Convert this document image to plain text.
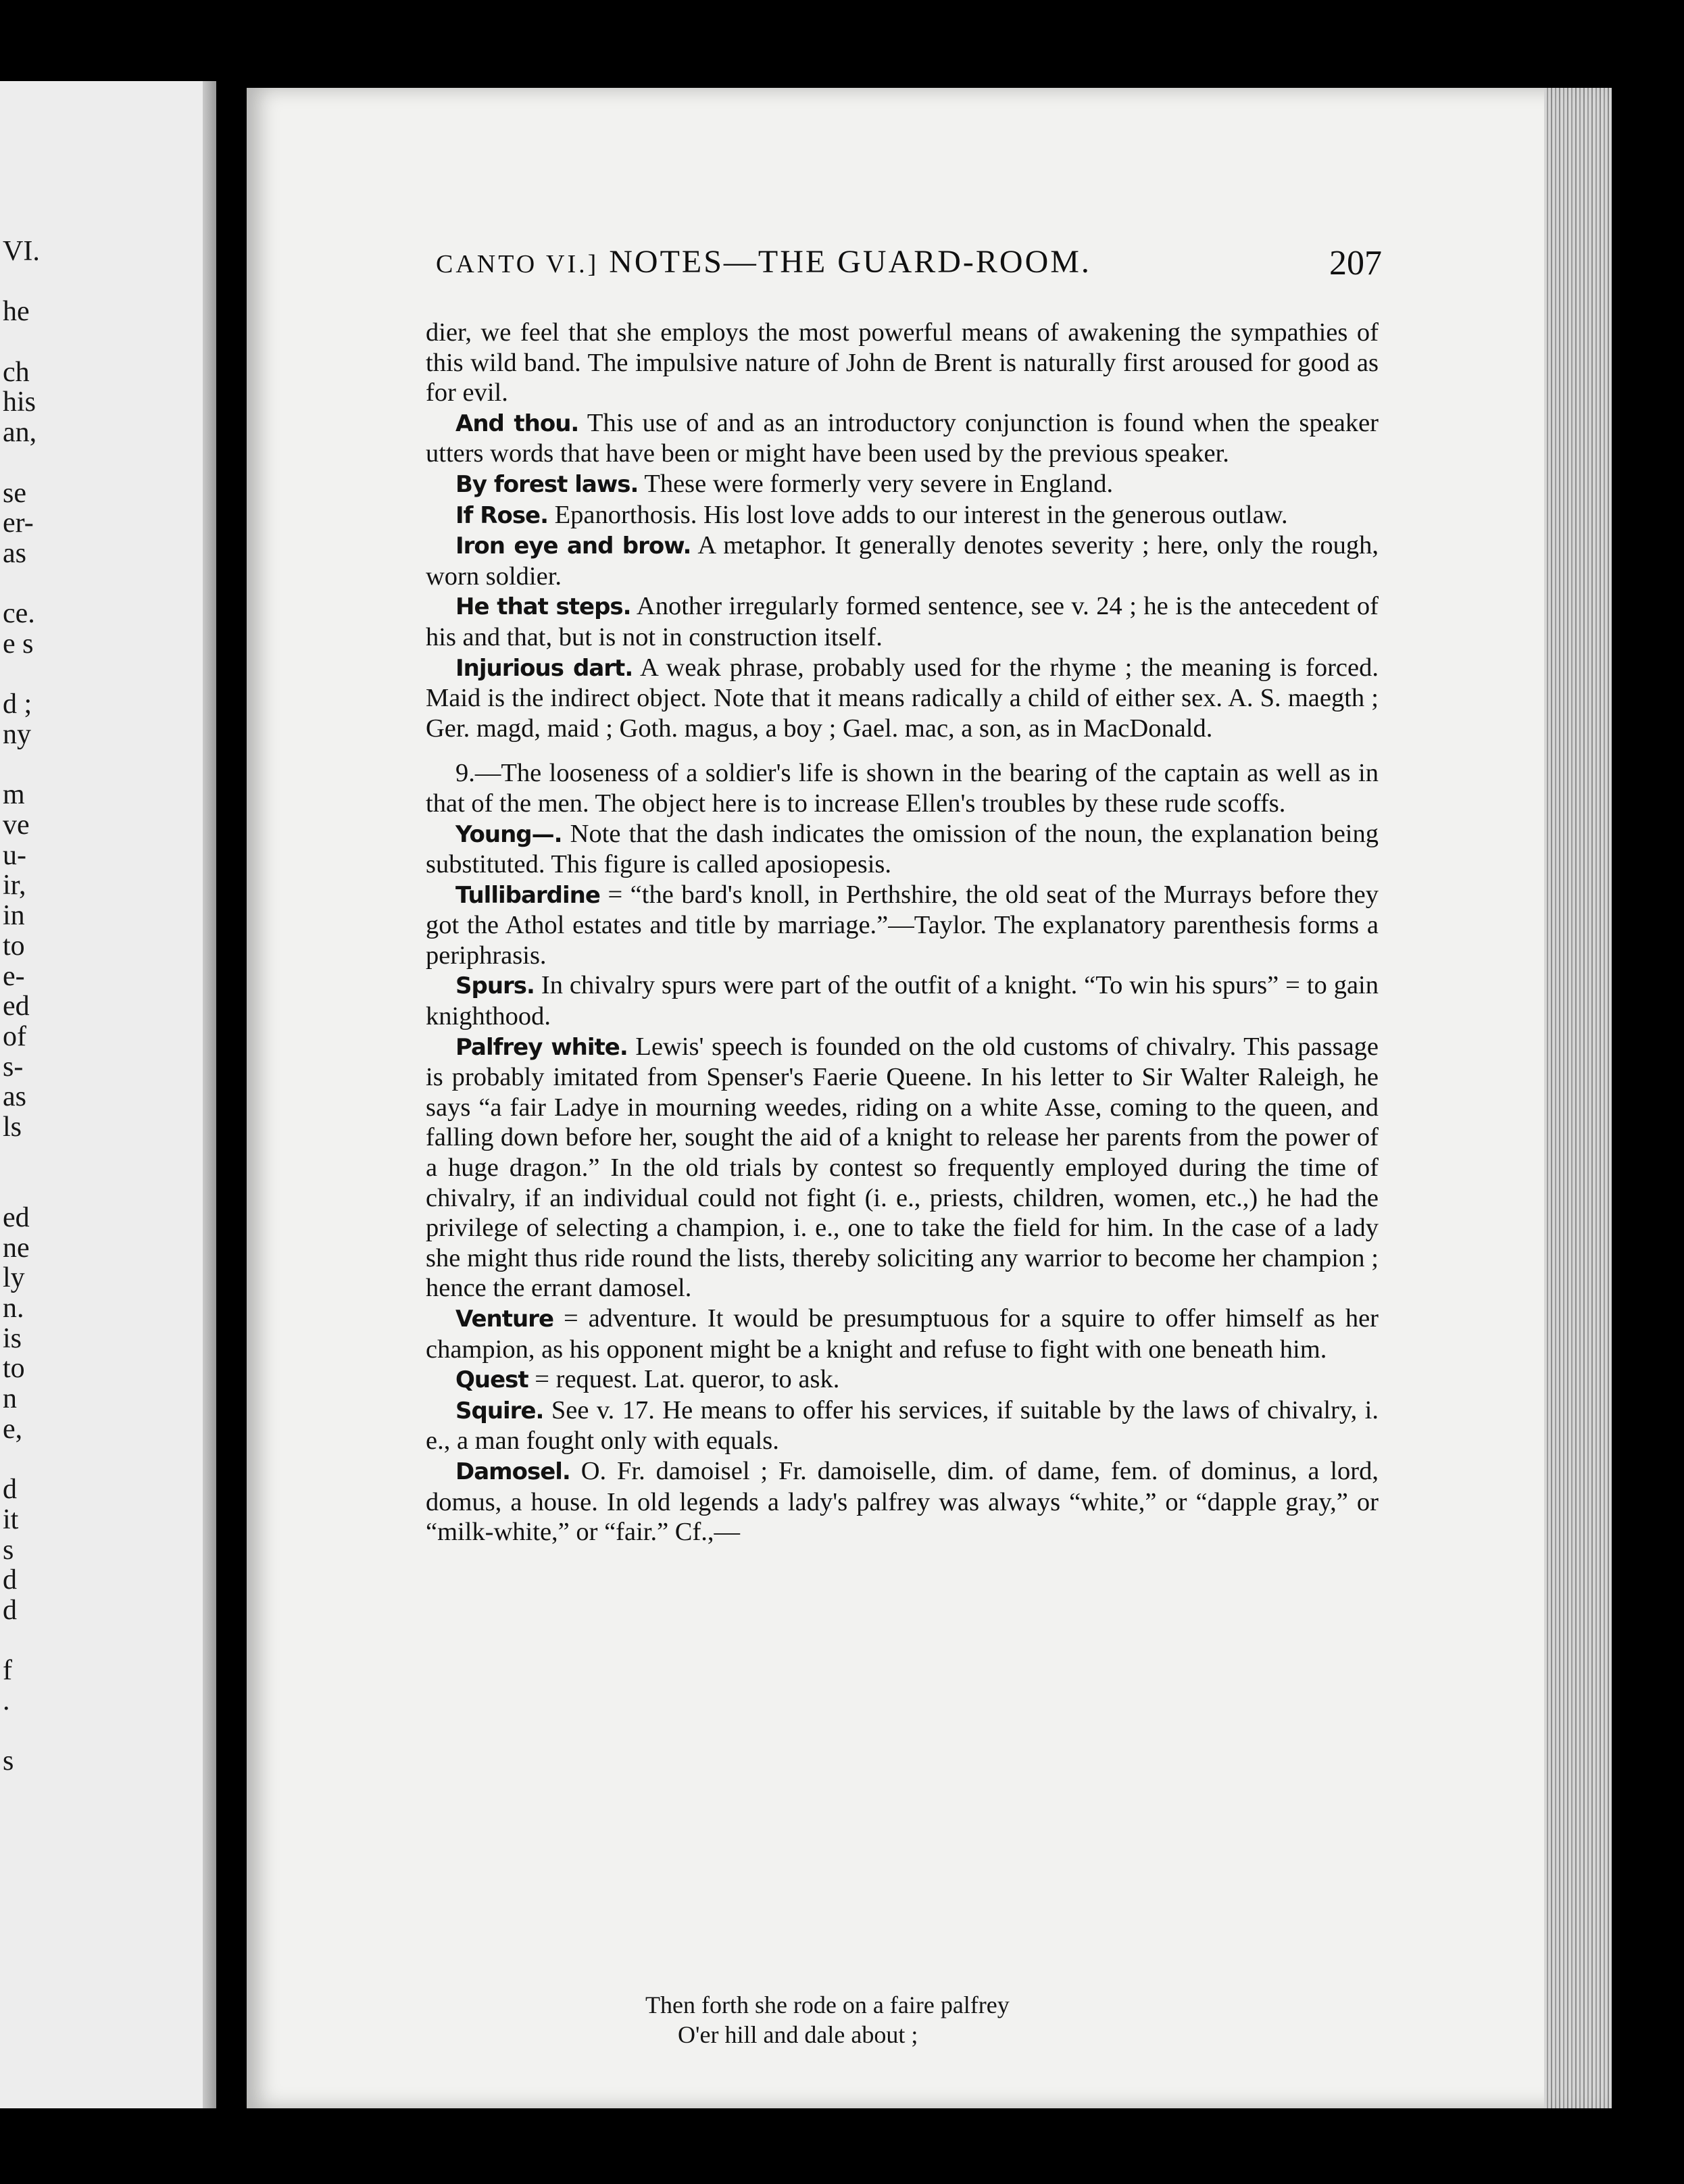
VI.
he
ch
his
an,
se
er-
as
ce.
e s
d ;
ny
m
ve
u-
ir,
in
to
e-
ed
of
s-
as
ls
ed
ne
ly
n.
is
to
n
e,
d
it
s
d
d
f
.
s
CANTO VI.] NOTES—THE GUARD-ROOM.	207

dier, we feel that she employs the most powerful means of awakening the sympathies of this wild band. The impulsive nature of John de Brent is naturally first aroused for good as for evil.

And thou. This use of and as an introductory conjunction is found when the speaker utters words that have been or might have been used by the previous speaker.

By forest laws. These were formerly very severe in England.

If Rose. Epanorthosis. His lost love adds to our interest in the generous outlaw.

Iron eye and brow. A metaphor. It generally denotes severity ; here, only the rough, worn soldier.

He that steps. Another irregularly formed sentence, see v. 24 ; he is the antecedent of his and that, but is not in construction itself.

Injurious dart. A weak phrase, probably used for the rhyme ; the meaning is forced. Maid is the indirect object. Note that it means radically a child of either sex. A. S. maegth ; Ger. magd, maid ; Goth. magus, a boy ; Gael. mac, a son, as in MacDonald.

9.—The looseness of a soldier's life is shown in the bearing of the captain as well as in that of the men. The object here is to increase Ellen's troubles by these rude scoffs.

Young—. Note that the dash indicates the omission of the noun, the explanation being substituted. This figure is called aposiopesis.

Tullibardine = “the bard's knoll, in Perthshire, the old seat of the Murrays before they got the Athol estates and title by marriage.”—Taylor. The explanatory parenthesis forms a periphrasis.

Spurs. In chivalry spurs were part of the outfit of a knight. “To win his spurs” = to gain knighthood.

Palfrey white. Lewis' speech is founded on the old customs of chivalry. This passage is probably imitated from Spenser's Faerie Queene. In his letter to Sir Walter Raleigh, he says “a fair Ladye in mourning weedes, riding on a white Asse, coming to the queen, and falling down before her, sought the aid of a knight to release her parents from the power of a huge dragon.” In the old trials by contest so frequently employed during the time of chivalry, if an individual could not fight (i. e., priests, children, women, etc.,) he had the privilege of selecting a champion, i. e., one to take the field for him. In the case of a lady she might thus ride round the lists, thereby soliciting any warrior to become her champion ; hence the errant damosel.

Venture = adventure. It would be presumptuous for a squire to offer himself as her champion, as his opponent might be a knight and refuse to fight with one beneath him.

Quest = request. Lat. queror, to ask.

Squire. See v. 17. He means to offer his services, if suitable by the laws of chivalry, i. e., a man fought only with equals.

Damosel. O. Fr. damoisel ; Fr. damoiselle, dim. of dame, fem. of dominus, a lord, domus, a house. In old legends a lady's palfrey was always “white,” or “dapple gray,” or “milk-white,” or “fair.” Cf.,—

Then forth she rode on a faire palfrey
O'er hill and dale about ;
